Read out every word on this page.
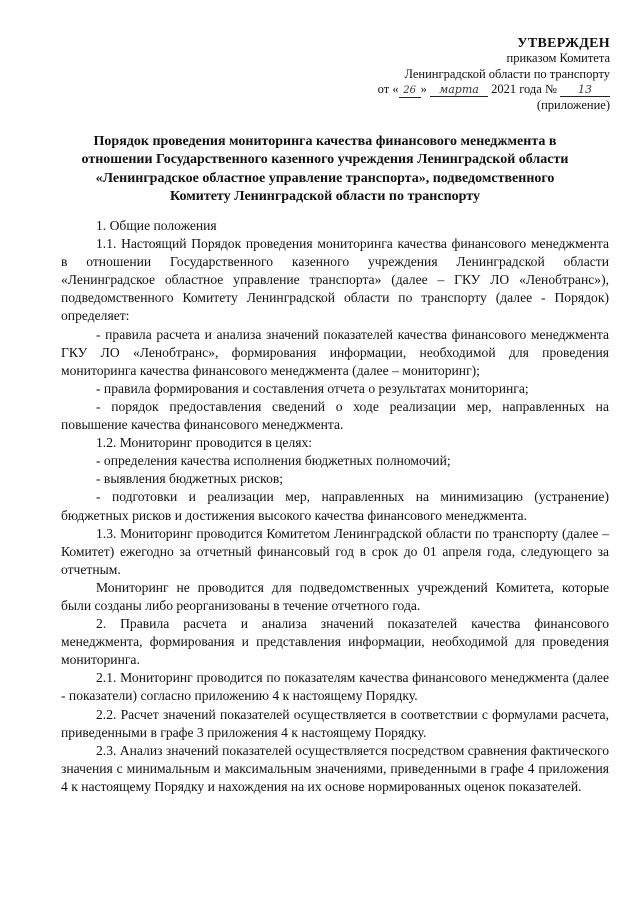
УТВЕРЖДЕН
приказом Комитета
Ленинградской области по транспорту
от « 26 » марта 2021 года № 13
(приложение)
Порядок проведения мониторинга качества финансового менеджмента в
отношении Государственного казенного учреждения Ленинградской области
«Ленинградское областное управление транспорта», подведомственного
Комитету Ленинградской области по транспорту

1. Общие положения

1.1. Настоящий Порядок проведения мониторинга качества финансового менеджмента в отношении Государственного казенного учреждения Ленинградской области «Ленинградское областное управление транспорта» (далее – ГКУ ЛО «Ленобтранс»), подведомственного Комитету Ленинградской области по транспорту (далее - Порядок) определяет:

- правила расчета и анализа значений показателей качества финансового менеджмента ГКУ ЛО «Ленобтранс», формирования информации, необходимой для проведения мониторинга качества финансового менеджмента (далее – мониторинг);

- правила формирования и составления отчета о результатах мониторинга;

- порядок предоставления сведений о ходе реализации мер, направленных на повышение качества финансового менеджмента.

1.2. Мониторинг проводится в целях:

- определения качества исполнения бюджетных полномочий;

- выявления бюджетных рисков;

- подготовки и реализации мер, направленных на минимизацию (устранение) бюджетных рисков и достижения высокого качества финансового менеджмента.

1.3. Мониторинг проводится Комитетом Ленинградской области по транспорту (далее – Комитет) ежегодно за отчетный финансовый год в срок до 01 апреля года, следующего за отчетным.

Мониторинг не проводится для подведомственных учреждений Комитета, которые были созданы либо реорганизованы в течение отчетного года.

2. Правила расчета и анализа значений показателей качества финансового менеджмента, формирования и представления информации, необходимой для проведения мониторинга.

2.1. Мониторинг проводится по показателям качества финансового менеджмента (далее - показатели) согласно приложению 4 к настоящему Порядку.

2.2. Расчет значений показателей осуществляется в соответствии с формулами расчета, приведенными в графе 3 приложения 4 к настоящему Порядку.

2.3. Анализ значений показателей осуществляется посредством сравнения фактического значения с минимальным и максимальным значениями, приведенными в графе 4 приложения 4 к настоящему Порядку и нахождения на их основе нормированных оценок показателей.
